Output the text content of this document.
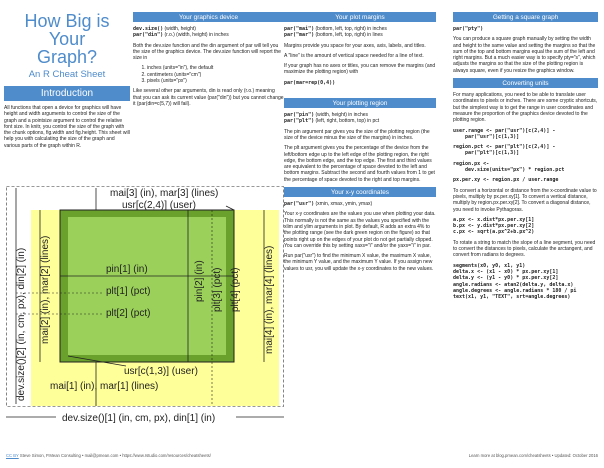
How Big is Your
Graph?
An R Cheat Sheet
Introduction
All functions that open a device for graphics will have height and width arguments to control the size of the graph and a pointsize argument to control the relative font size. In knitr, you control the size of the graph with the chunk options, fig.width and fig.height. This sheet will help you with calculating the size of the graph and various parts of the graph within R.
Your graphics device
dev.size() (width, height)
par("din") (r.o.) (width, height) in inches

Both the dev.size function and the din argument of par will tell you the size of the graphics device. The dev.size function will report the size in

1. inches (units="in"), the default
2. centimeters (units="cm")
3. pixels (units="px")

Like several other par arguments, din is read only (r.o.) meaning that you can ask its current value (par("din")) but you cannot change it (par(din=c(5,7)) will fail).

Your plot margins
par("mai") (bottom, left, top, right) in inches
par("mar") (bottom, left, top, right) in lines

Margins provide you space for your axes, axis, labels, and titles.

A "line" is the amount of vertical space needed for a line of text.

If your graph has no axes or titles, you can remove the margins (and maximize the plotting region) with

par(mar=rep(0,4))
Your plotting region
par("pin") (width, height) in inches
par("plt") (left, right, bottom, top) in pct

The pin argument par gives you the size of the plotting region (the size of the device minus the size of the margins) in inches.

The plt argument gives you the percentage of the device from the left/bottom edge up to the left edge of the plotting region, the right edge, the bottom edge, and the top edge. The first and third values are equivalent to the percentage of space devoted to the left and bottom margins. Subtract the second and fourth values from 1 to get the percentage of space devoted to the right and top margins.

Your x-y coordinates
par("usr") (xmin, xmax, ymin, ymax)

Your x-y coordinates are the values you use when plotting your data. This normally is not the same as the values you specified with the xlim and ylim arguments in plot. By default, R adds an extra 4% to the plotting range (see the dark green region on the figure) so that points right up on the edges of your plot do not get partially clipped. You can override this by setting xaxs="i" and/or the yaxs="i" in par.

Run par("usr") to find the minimum X value, the maximum X value, the minimum Y value, and the maximum Y value. If you assign new values to usr, you will update the x-y coordinates to the new values.

Getting a square graph
par("pty")

You can produce a square graph manually by setting the width and height to the same value and setting the margins so that the sum of the top and bottom margins equal the sum of the left and right margins. But a much easier way is to specify pty="s", which adjusts the margins so that the size of the plotting region is always square, even if you resize the graphics window.

Converting units

For many applications, you need to be able to translate user coordinates to pixels or inches. There are some cryptic shortcuts, but the simplest way is to get the range in user coordinates and measure the proportion of the graphics device devoted to the plotting region.

user.range <- par("usr")[c(2,4)] -
par("usr")[c(1,3)]
region.pct <- par("plt")[c(2,4)] -
par("plt")[c(1,3)]
region.px <-
dev.size(units="px") * region.pct
px.per.xy <- region.px / user.range

To convert a horizontal or distance from the x-coordinate value to pixels, multiply by px.per.xy[1]. To convert a vertical distance, multiply by region.px.per.xy[2]. To convert a diagonal distance, you need to invoke Pythagoras.

a.px <- x.dist*px.per.xy[1]
b.px <- y.dist*px.per.xy[2]
c.px <- sqrt(a.px^2+b.px^2)

To rotate a string to match the slope of a line segment, you need to convert the distances to pixels, calculate the arctangent, and convert from radians to degrees.

segments(x0, y0, x1, y1)
delta.x <- (x1 - x0) * px.per.xy[1]
delta.y <- (y1 - y0) * px.per.xy[2]
angle.radians <- atan2(delta.y, delta.x)
angle.degrees <- angle.radians * 180 / pi
text(x1, y1, "TEXT", srt=angle.degrees)
mai[3] (in), mar[3] (lines)
usr[c(2,4)] (user)
dev.size()[2] (in, cm, px), din[2] (in) mai[2] (in), mar[2] (lines)	pin[2] (in) plt[3] (pct) plt[4] (pct) mai[4] (in), mar[4] (lines)
pin[1] (in)
plt[1] (pct)
plt[2] (pct)
usr[c(1,3)] (user)
mai[1] (in), mar[1] (lines)
dev.size()[1] (in, cm, px), din[1] (in)
CC BY Steve Simon, P.Mean Consulting • mail@pmean.com • https://www.rstudio.com/resources/cheatsheets/	Learn more at blog.pmean.com/cheatsheets • Updated: October 2016
